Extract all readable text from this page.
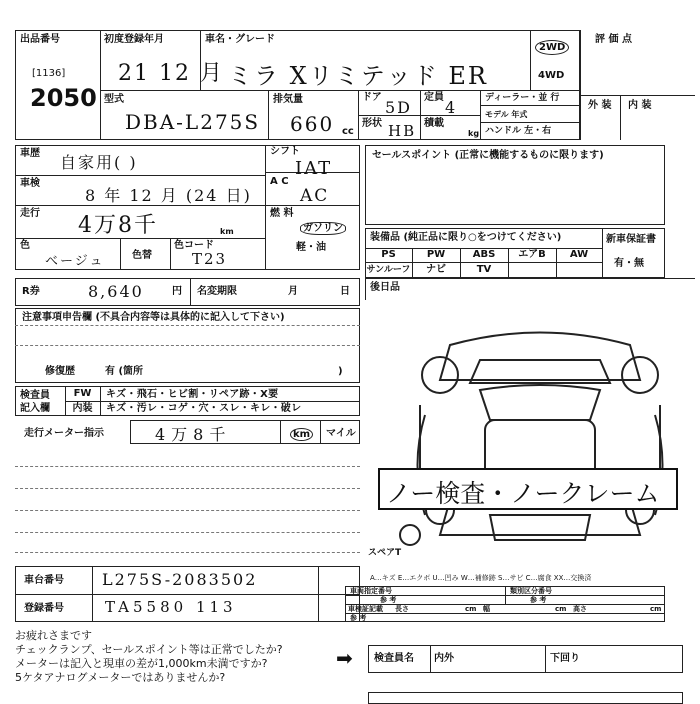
出品番号
[1136]
2050
初度登録年月
21 12 月
車名・グレード
ミラ Xリミテッド ER
2WD
4WD
評 価 点
型式
DBA-L275S
排気量
660 cc
ドア
5D
定員
4
形状 HB 積載
kg
ディーラー・並 行
モデル 年式
ハンドル 左・右
外 装 内 装
車歴 自家用( )
車検
8 年 12 月 (24 日)
走行 4万8千	km
色
ベージュ	色替
色コード
T23
シフト
IAT
A C
AC
燃 料
ガソリン
軽・油
セールスポイント (正常に機能するものに限ります)
装備品 (純正品に限り○をつけてください)
PS	PW	ABS	エアB	AW
サンルーフ	ナビ	TV
新車保証書
有・無
R券	8,640	円 名変期限	月	日 後日品
注意事項申告欄 (不具合内容等は具体的に記入して下さい)
修復歴	有 (箇所	)
検査員
記入欄
FW	キズ・飛石・ヒビ割・リペア跡・X要
内装	キズ・汚レ・コゲ・穴・スレ・キレ・破レ
走行メーター指示	4万8千	km	マイル
スペアT
ノー検査・ノークレーム
A…キズ E…エクボ U…凹み W…補修跡 S…サビ C…腐食 XX…交換済
車台番号 L275S-2083502
登録番号	TA5580 113
車両指定番号	類別区分番号
参 考	参 考
車検証記載 長さ	cm 幅	cm 高さ	cm
参 考
お疲れさまです
チェックランプ、セールスポイント等は正常でしたか?
メーターは記入と現車の差が1,000km未満ですか?
5ケタアナログメーターではありませんか?
➡ 検査員名 内外	下回り
